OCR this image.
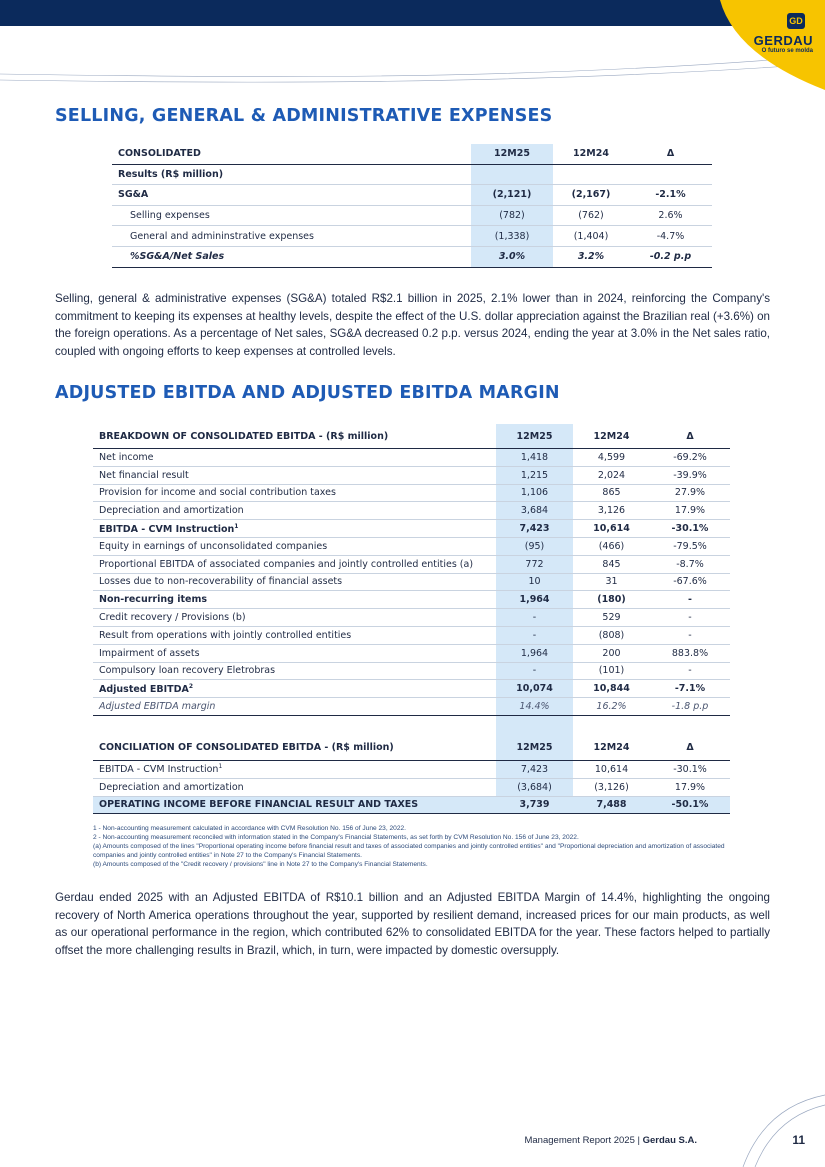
GD
GERDAU
O futuro se molda
SELLING, GENERAL & ADMINISTRATIVE EXPENSES
CONSOLIDATED	12M25	12M24	Δ
Results (R$ million)			
SG&A	(2,121)	(2,167)	-2.1%
Selling expenses	(782)	(762)	2.6%
General and admininstrative expenses	(1,338)	(1,404)	-4.7%
%SG&A/Net Sales	3.0%	3.2%	-0.2 p.p
Selling, general & administrative expenses (SG&A) totaled R$2.1 billion in 2025, 2.1% lower than in 2024, reinforcing the Company's commitment to keeping its expenses at healthy levels, despite the effect of the U.S. dollar appreciation against the Brazilian real (+3.6%) on the foreign operations. As a percentage of Net sales, SG&A decreased 0.2 p.p. versus 2024, ending the year at 3.0% in the Net sales ratio, coupled with ongoing efforts to keep expenses at controlled levels.
ADJUSTED EBITDA AND ADJUSTED EBITDA MARGIN
BREAKDOWN OF CONSOLIDATED EBITDA - (R$ million)	12M25	12M24	Δ
Net income	1,418	4,599	-69.2%
Net financial result	1,215	2,024	-39.9%
Provision for income and social contribution taxes	1,106	865	27.9%
Depreciation and amortization	3,684	3,126	17.9%
EBITDA - CVM Instruction$^1$	7,423	10,614	-30.1%
Equity in earnings of unconsolidated companies	(95)	(466)	-79.5%
Proportional EBITDA of associated companies and jointly controlled entities (a)	772	845	-8.7%
Losses due to non-recoverability of financial assets	10	31	-67.6%
Non-recurring items	1,964	(180)	-
Credit recovery / Provisions (b)	-	529	-
Result from operations with jointly controlled entities	-	(808)	-
Impairment of assets	1,964	200	883.8%
Compulsory loan recovery Eletrobras	-	(101)	-
Adjusted EBITDA$^2$	10,074	10,844	-7.1%
Adjusted EBITDA margin	14.4%	16.2%	-1.8 p.p

CONCILIATION OF CONSOLIDATED EBITDA - (R$ million)	12M25	12M24	Δ
EBITDA - CVM Instruction$^1$	7,423	10,614	-30.1%
Depreciation and amortization	(3,684)	(3,126)	17.9%
OPERATING INCOME BEFORE FINANCIAL RESULT AND TAXES	3,739	7,488	-50.1%
1 - Non-accounting measurement calculated in accordance with CVM Resolution No. 156 of June 23, 2022.
2 - Non-accounting measurement reconciled with information stated in the Company's Financial Statements, as set forth by CVM Resolution No. 156 of June 23, 2022.
(a) Amounts composed of the lines "Proportional operating income before financial result and taxes of associated companies and jointly controlled entities" and "Proportional depreciation and amortization of associated companies and jointly controlled entities" in Note 27 to the Company's Financial Statements.
(b) Amounts composed of the "Credit recovery / provisions" line in Note 27 to the Company's Financial Statements.
Gerdau ended 2025 with an Adjusted EBITDA of R$10.1 billion and an Adjusted EBITDA Margin of 14.4%, highlighting the ongoing recovery of North America operations throughout the year, supported by resilient demand, increased prices for our main products, as well as our operational performance in the region, which contributed 62% to consolidated EBITDA for the year. These factors helped to partially offset the more challenging results in Brazil, which, in turn, were impacted by domestic oversupply.
Management Report 2025 | Gerdau S.A.	11
